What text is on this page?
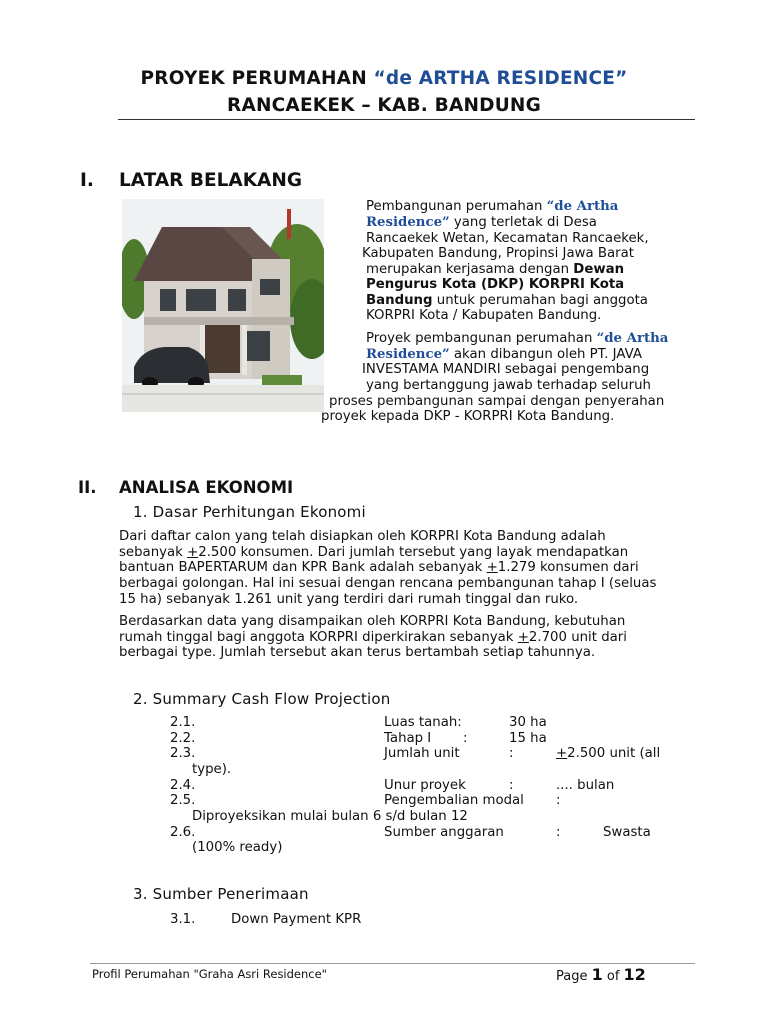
PROYEK PERUMAHAN “de ARTHA RESIDENCE”
RANCAEKEK – KAB. BANDUNG
I. LATAR BELAKANG
Pembangunan perumahan “de Artha
Residence” yang terletak di Desa
Rancaekek Wetan, Kecamatan Rancaekek,
Kabupaten Bandung, Propinsi Jawa Barat
merupakan kerjasama dengan Dewan
Pengurus Kota (DKP) KORPRI Kota
Bandung untuk perumahan bagi anggota
KORPRI Kota / Kabupaten Bandung.
Proyek pembangunan perumahan “de Artha
Residence” akan dibangun oleh PT. JAVA
INVESTAMA MANDIRI sebagai pengembang
yang bertanggung jawab terhadap seluruh
proses pembangunan sampai dengan penyerahan
proyek kepada DKP - KORPRI Kota Bandung.
II. ANALISA EKONOMI
1. Dasar Perhitungan Ekonomi
Dari daftar calon yang telah disiapkan oleh KORPRI Kota Bandung adalah
sebanyak +2.500 konsumen. Dari jumlah tersebut yang layak mendapatkan
bantuan BAPERTARUM dan KPR Bank adalah sebanyak +1.279 konsumen dari
berbagai golongan. Hal ini sesuai dengan rencana pembangunan tahap I (seluas
15 ha) sebanyak 1.261 unit yang terdiri dari rumah tinggal dan ruko.
Berdasarkan data yang disampaikan oleh KORPRI Kota Bandung, kebutuhan
rumah tinggal bagi anggota KORPRI diperkirakan sebanyak +2.700 unit dari
berbagai type. Jumlah tersebut akan terus bertambah setiap tahunnya.
2. Summary Cash Flow Projection
2.1.	Luas tanah:	30 ha
2.2.	Tahap I :	15 ha
2.3.	Jumlah unit	:	+2.500 unit (all
type).
2.4.	Unur proyek	:	.... bulan
2.5.	Pengembalian modal :
Diproyeksikan mulai bulan 6 s/d bulan 12
2.6.	Sumber anggaran	:	Swasta
(100% ready)
3. Sumber Penerimaan
3.1.	Down Payment KPR
Profil Perumahan "Graha Asri Residence"	Page 1 of 12
